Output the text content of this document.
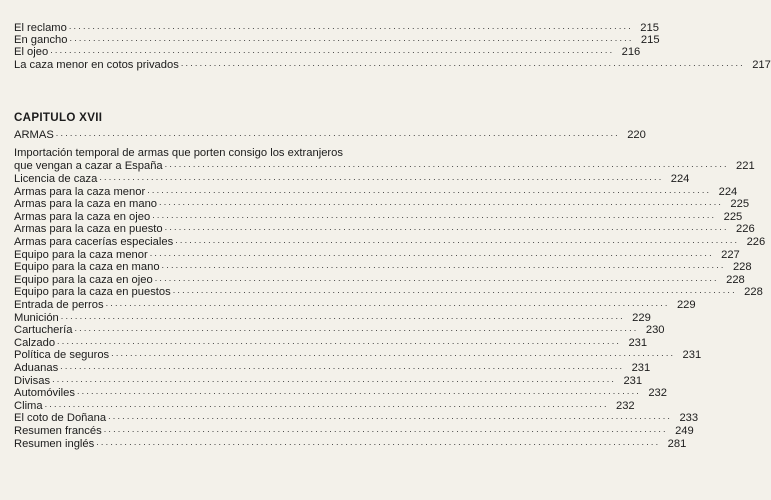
El reclamo ........................................................................................................................ 215
En gancho ........................................................................................................................ 215
El ojeo ........................................................................................................................ 216
La caza menor en cotos privados ........................................................................................................................ 217
CAPITULO XVII
ARMAS ........................................................................................................................ 220
Importación temporal de armas que porten consigo los extranjeros
que vengan a cazar a España ........................................................................................................................ 221
Licencia de caza ........................................................................................................................ 224
Armas para la caza menor ........................................................................................................................ 224
Armas para la caza en mano ........................................................................................................................ 225
Armas para la caza en ojeo ........................................................................................................................ 225
Armas para la caza en puesto ........................................................................................................................ 226
Armas para cacerías especiales ........................................................................................................................ 226
Equipo para la caza menor ........................................................................................................................ 227
Equipo para la caza en mano ........................................................................................................................ 228
Equipo para la caza en ojeo ........................................................................................................................ 228
Equipo para la caza en puestos ........................................................................................................................ 228
Entrada de perros ........................................................................................................................ 229
Munición ........................................................................................................................ 229
Cartuchería ........................................................................................................................ 230
Calzado ........................................................................................................................ 231
Política de seguros ........................................................................................................................ 231
Aduanas ........................................................................................................................ 231
Divisas ........................................................................................................................ 231
Automóviles ........................................................................................................................ 232
Clima ........................................................................................................................ 232
El coto de Doñana ........................................................................................................................ 233
Resumen francés ........................................................................................................................ 249
Resumen inglés ........................................................................................................................ 281
